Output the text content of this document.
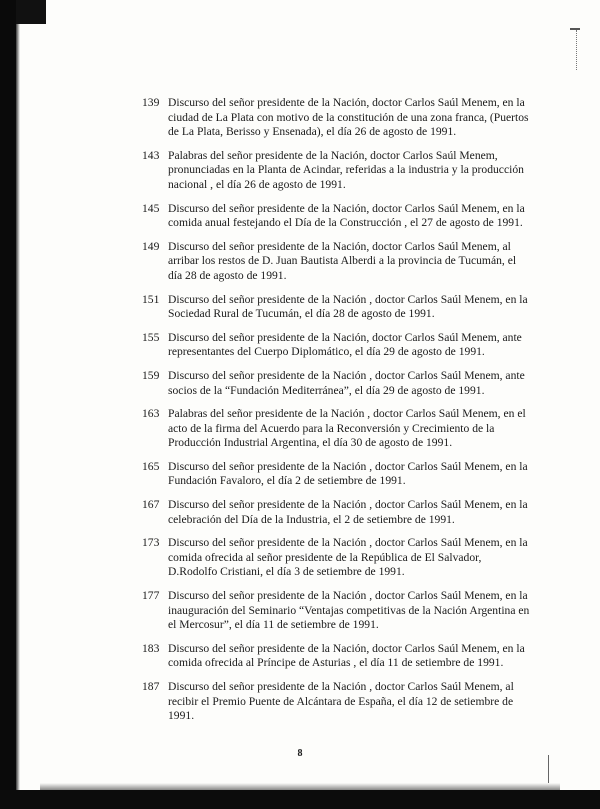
139 Discurso del señor presidente de la Nación, doctor Carlos Saúl Menem, en la ciudad de La Plata con motivo de la constitución de una zona franca, (Puertos de La Plata, Berisso y Ensenada), el día 26 de agosto de 1991.
143 Palabras del señor presidente de la Nación, doctor Carlos Saúl Menem, pronunciadas en la Planta de Acindar, referidas a la industria y la producción nacional , el día 26 de agosto de 1991.
145 Discurso del señor presidente de la Nación, doctor Carlos Saúl Menem, en la comida anual festejando el Día de la Construcción , el 27 de agosto de 1991.
149 Discurso del señor presidente de la Nación, doctor Carlos Saúl Menem, al arribar los restos de D. Juan Bautista Alberdi a la provincia de Tucumán, el día 28 de agosto de 1991.
151 Discurso del señor presidente de la Nación , doctor Carlos Saúl Menem, en la Sociedad Rural de Tucumán, el día 28 de agosto de 1991.
155 Discurso del señor presidente de la Nación, doctor Carlos Saúl Menem, ante representantes del Cuerpo Diplomático, el día 29 de agosto de 1991.
159 Discurso del señor presidente de la Nación , doctor Carlos Saúl Menem, ante socios de la “Fundación Mediterránea”, el día 29 de agosto de 1991.
163 Palabras del señor presidente de la Nación , doctor Carlos Saúl Menem, en el acto de la firma del Acuerdo para la Reconversión y Crecimiento de la Producción Industrial Argentina, el día 30 de agosto de 1991.
165 Discurso del señor presidente de la Nación , doctor Carlos Saúl Menem, en la Fundación Favaloro, el día 2 de setiembre de 1991.
167 Discurso del señor presidente de la Nación , doctor Carlos Saúl Menem, en la celebración del Día de la Industria, el 2 de setiembre de 1991.
173 Discurso del señor presidente de la Nación , doctor Carlos Saúl Menem, en la comida ofrecida al señor presidente de la República de El Salvador, D.Rodolfo Cristiani, el día 3 de setiembre de 1991.
177 Discurso del señor presidente de la Nación , doctor Carlos Saúl Menem, en la inauguración del Seminario “Ventajas competitivas de la Nación Argentina en el Mercosur”, el día 11 de setiembre de 1991.
183 Discurso del señor presidente de la Nación, doctor Carlos Saúl Menem, en la comida ofrecida al Príncipe de Asturias , el día 11 de setiembre de 1991.
187 Discurso del señor presidente de la Nación , doctor Carlos Saúl Menem, al recibir el Premio Puente de Alcántara de España, el día 12 de setiembre de 1991.
8
